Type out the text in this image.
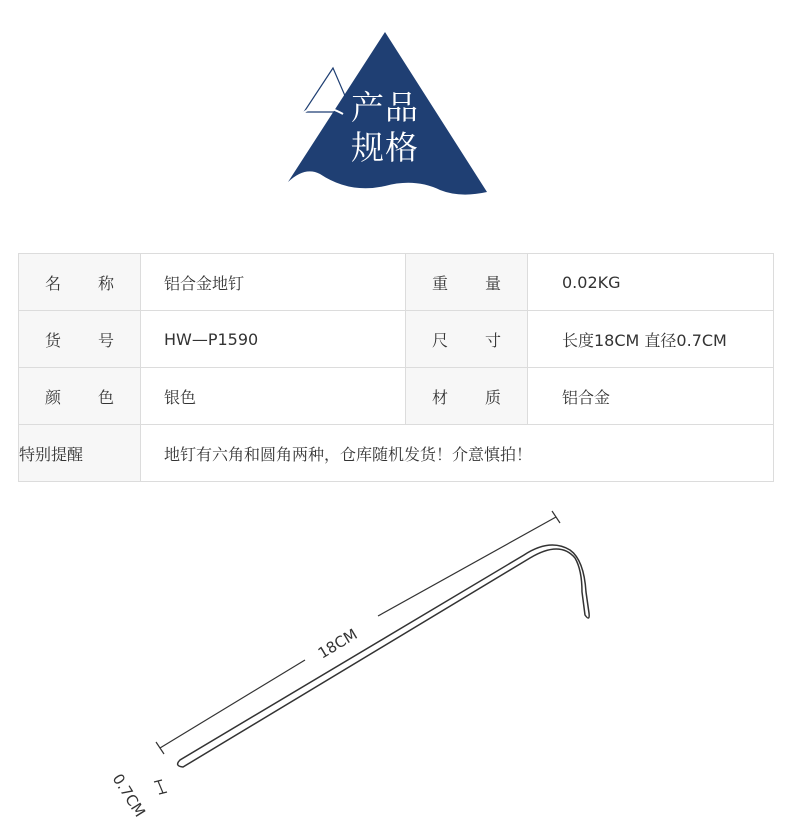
产品
规格
名 称	铝合金地钉	重 量	0.02KG

货 号	HW—P1590	尺 寸	长度18CM 直径0.7CM

颜 色	银色	材 质	铝合金
特别提醒	地钉有六角和圆角两种，仓库随机发货！介意慎拍！		
18CM
0.7CM
